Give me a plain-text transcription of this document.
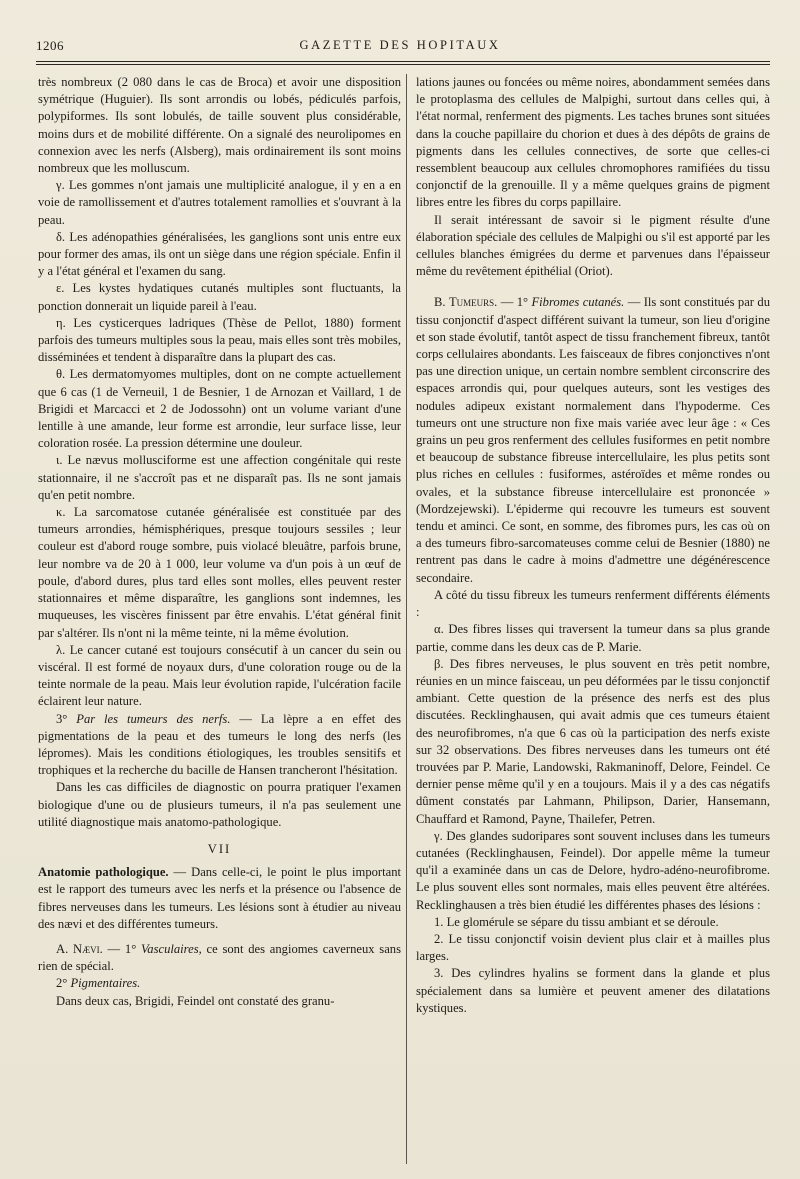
1206	GAZETTE DES HOPITAUX

très nombreux (2 080 dans le cas de Broca) et avoir une disposition symétrique (Huguier). Ils sont arrondis ou lobés, pédiculés parfois, polypiformes. Ils sont lobulés, de taille souvent plus considérable, moins durs et de mobilité différente. On a signalé des neurolipomes en connexion avec les nerfs (Alsberg), mais ordinairement ils sont moins nombreux que les molluscum.

γ. Les gommes n'ont jamais une multiplicité analogue, il y en a en voie de ramollissement et d'autres totalement ramollies et s'ouvrant à la peau.

δ. Les adénopathies généralisées, les ganglions sont unis entre eux pour former des amas, ils ont un siège dans une région spéciale. Enfin il y a l'état général et l'examen du sang.

ε. Les kystes hydatiques cutanés multiples sont fluctuants, la ponction donnerait un liquide pareil à l'eau.

η. Les cysticerques ladriques (Thèse de Pellot, 1880) forment parfois des tumeurs multiples sous la peau, mais elles sont très mobiles, disséminées et tendent à disparaître dans la plupart des cas.

θ. Les dermatomyomes multiples, dont on ne compte actuellement que 6 cas (1 de Verneuil, 1 de Besnier, 1 de Arnozan et Vaillard, 1 de Brigidi et Marcacci et 2 de Jodossohn) ont un volume variant d'une lentille à une amande, leur forme est arrondie, leur surface lisse, leur coloration rosée. La pression détermine une douleur.

ι. Le nævus mollusciforme est une affection congénitale qui reste stationnaire, il ne s'accroît pas et ne disparaît pas. Ils ne sont jamais qu'en petit nombre.

κ. La sarcomatose cutanée généralisée est constituée par des tumeurs arrondies, hémisphériques, presque toujours sessiles ; leur couleur est d'abord rouge sombre, puis violacé bleuâtre, parfois brune, leur nombre va de 20 à 1 000, leur volume va d'un pois à un œuf de poule, d'abord dures, plus tard elles sont molles, elles peuvent rester stationnaires et même disparaître, les ganglions sont indemnes, les muqueuses, les viscères finissent par être envahis. L'état général finit par s'altérer. Ils n'ont ni la même teinte, ni la même évolution.

λ. Le cancer cutané est toujours consécutif à un cancer du sein ou viscéral. Il est formé de noyaux durs, d'une coloration rouge ou de la teinte normale de la peau. Mais leur évolution rapide, l'ulcération facile éclairent leur nature.

3° Par les tumeurs des nerfs. — La lèpre a en effet des pigmentations de la peau et des tumeurs le long des nerfs (les lépromes). Mais les conditions étiologiques, les troubles sensitifs et trophiques et la recherche du bacille de Hansen trancheront l'hésitation.

Dans les cas difficiles de diagnostic on pourra pratiquer l'examen biologique d'une ou de plusieurs tumeurs, il n'a pas seulement une utilité diagnostique mais anatomo-pathologique.

VII

Anatomie pathologique. — Dans celle-ci, le point le plus important est le rapport des tumeurs avec les nerfs et la présence ou l'absence de fibres nerveuses dans les tumeurs. Les lésions sont à étudier au niveau des nævi et des différentes tumeurs.

A. Nævi. — 1° Vasculaires, ce sont des angiomes caverneux sans rien de spécial.

2° Pigmentaires.

Dans deux cas, Brigidi, Feindel ont constaté des granu-

lations jaunes ou foncées ou même noires, abondamment semées dans le protoplasma des cellules de Malpighi, surtout dans celles qui, à l'état normal, renferment des pigments. Les taches brunes sont situées dans la couche papillaire du chorion et dues à des dépôts de grains de pigments dans les cellules connectives, de sorte que celles-ci ressemblent beaucoup aux cellules chromophores ramifiées du tissu conjonctif de la grenouille. Il y a même quelques grains de pigment libres entre les fibres du corps papillaire.

Il serait intéressant de savoir si le pigment résulte d'une élaboration spéciale des cellules de Malpighi ou s'il est apporté par les cellules blanches émigrées du derme et parvenues dans l'épaisseur même du revêtement épithélial (Oriot).

B. Tumeurs. — 1° Fibromes cutanés. — Ils sont constitués par du tissu conjonctif d'aspect différent suivant la tumeur, son lieu d'origine et son stade évolutif, tantôt aspect de tissu franchement fibreux, tantôt corps cellulaires abondants. Les faisceaux de fibres conjonctives n'ont pas une direction unique, un certain nombre semblent circonscrire des espaces arrondis qui, pour quelques auteurs, sont les vestiges des nodules adipeux existant normalement dans l'hypoderme. Ces tumeurs ont une structure non fixe mais variée avec leur âge : « Ces grains un peu gros renferment des cellules fusiformes en petit nombre et beaucoup de substance fibreuse intercellulaire, les plus petits sont plus riches en cellules : fusiformes, astéroïdes et même rondes ou ovales, et la substance fibreuse intercellulaire est prononcée » (Mordzejewski). L'épiderme qui recouvre les tumeurs est souvent tendu et aminci. Ce sont, en somme, des fibromes purs, les cas où on a des tumeurs fibro-sarcomateuses comme celui de Besnier (1880) ne rentrent pas dans le cadre à moins d'admettre une dégénérescence secondaire.

A côté du tissu fibreux les tumeurs renferment différents éléments :

α. Des fibres lisses qui traversent la tumeur dans sa plus grande partie, comme dans les deux cas de P. Marie.

β. Des fibres nerveuses, le plus souvent en très petit nombre, réunies en un mince faisceau, un peu déformées par le tissu conjonctif ambiant. Cette question de la présence des nerfs est des plus discutées. Recklinghausen, qui avait admis que ces tumeurs étaient des neurofibromes, n'a que 6 cas où la participation des nerfs existe sur 32 observations. Des fibres nerveuses dans les tumeurs ont été trouvées par P. Marie, Landowski, Rakmaninoff, Delore, Feindel. Ce dernier pense même qu'il y en a toujours. Mais il y a des cas négatifs dûment constatés par Lahmann, Philipson, Darier, Hansemann, Chauffard et Ramond, Payne, Thailefer, Petren.

γ. Des glandes sudoripares sont souvent incluses dans les tumeurs cutanées (Recklinghausen, Feindel). Dor appelle même la tumeur qu'il a examinée dans un cas de Delore, hydro-adéno-neurofibrome. Le plus souvent elles sont normales, mais elles peuvent être altérées. Recklinghausen a très bien étudié les différentes phases des lésions :

1. Le glomérule se sépare du tissu ambiant et se déroule.

2. Le tissu conjonctif voisin devient plus clair et à mailles plus larges.

3. Des cylindres hyalins se forment dans la glande et plus spécialement dans sa lumière et peuvent amener des dilatations kystiques.
